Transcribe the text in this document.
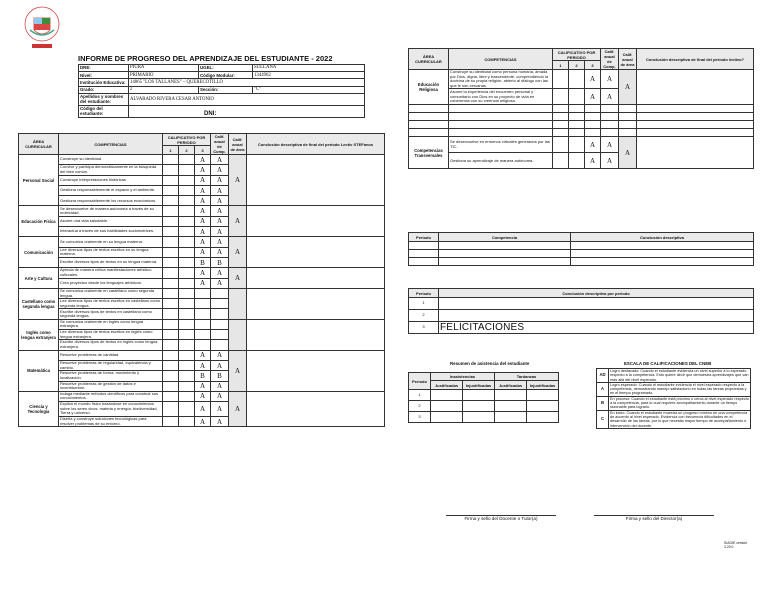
INFORME DE PROGRESO DEL APRENDIZAJE DEL ESTUDIANTE - 2022
DRE:	PIURA	UGEL:	SULLANA
Nivel:	PRIMARIO	Código Modular:	1344962
Institución Educativa:	14865 "LOS TALLANES" – QUERECOTILLO		
Grado:	2	Sección:	"C"
Apellidos y nombres del estudiante:	ALVARADO RIVERA CESAR ANTONIO		
Código del estudiante:				DNI:
ÁREA CURRICULAR	COMPETENCIAS	CALIFICATIVO POR PERIODO			Calif. anual de Comp.	Calif. anual de área	Conclusión descriptiva de final del periodo Lectiv STEFanos
		1	2	3			
Personal Social	Construye su identidad.			A	A	A	
	Convive y participa democráticamente en la búsqueda del bien común.			A	A		
	Construye interpretaciones históricas.			A	A		
	Gestiona responsablemente el espacio y el ambiente.			A	A		
	Gestiona responsablemente los recursos económicos.			A	A		
Educación Física	Se desenvuelve de manera autónoma a través de su motricidad.			A	A	A	
	Asume una vida saludable.			A	A		
	Interactúa a través de sus habilidades sociomotrices.			A	A		
Comunicación	Se comunica oralmente en su lengua materna.			A	A	A	
	Lee diversos tipos de textos escritos en su lengua materna.			A	A		
	Escribe diversos tipos de textos en su lengua materna.			B	B		
Arte y Cultura	Aprecia de manera crítica manifestaciones artístico-culturales.			A	A	A	
	Crea proyectos desde los lenguajes artísticos.			A	A		
Castellano como segunda lengua	Se comunica oralmente en castellano como segunda lengua.						
	Lee diversos tipos de textos escritos en castellano como segunda lengua.						
	Escribe diversos tipos de textos en castellano como segunda lengua.						
Inglés como lengua extranjera	Se comunica oralmente en inglés como lengua extranjera.						
	Lee diversos tipos de textos escritos en inglés como lengua extranjera.						
	Escribe diversos tipos de textos en inglés como lengua extranjera.						
Matemática	Resuelve problemas de cantidad.			A	A	A	
	Resuelve problemas de regularidad, equivalencia y cambio.			A	A		
	Resuelve problemas de forma, movimiento y localización.			B	B		
	Resuelve problemas de gestión de datos e incertidumbre.			A	A		
Ciencia y Tecnología	Indaga mediante métodos científicos para construir sus conocimientos.			A	A	A	
	Explica el mundo físico basándose en conocimientos sobre los seres vivos, materia y energía, biodiversidad, Tierra y universo.			A	A		
	Diseña y construye soluciones tecnológicas para resolver problemas de su entorno.			A	A		
ÁREA CURRICULAR	COMPETENCIAS	CALIFICATIVO POR PERIODO			Calif. anual de Comp.	Calif. anual de área	Conclusión descriptiva de final del período lectivo?
		1	2	3			
Educación Religiosa	Construye su identidad como persona humana, amada por Dios, digna, libre y trascendente, comprendiendo la doctrina de su propia religión, abierto al diálogo con las que le son cercanas.			A	A	A	
	Asume la experiencia del encuentro personal y comunitario con Dios en su proyecto de vida en coherencia con su creencia religiosa.			A	A		

Competencias Transversales	Se desenvuelve en entornos virtuales generados por las TIC.			A	A	A	
	Gestiona su aprendizaje de manera autónoma.			A	A		
Periodo	Competencia	Conclusión descriptiva

Periodo	Conclusión descriptiva por periodo
1	
2	
3	FELICITACIONES
Resumen de asistencia del estudiante
Periodo	Inasistencias		Tardanzas	
	Justificadas	Injustificadas	Justificadas	Injustificadas
1				
2				
3				
ESCALA DE CALIFICACIONES DEL CNEB
AD	Logro destacado: Cuando el estudiante evidencia un nivel superior a lo esperado respecto a la competencia. Esto quiere decir que demuestra aprendizajes que van más allá del nivel esperado.
A	Logro esperado: Cuando el estudiante evidencia el nivel esperado respecto a la competencia, demostrando manejo satisfactorio en todas las tareas propuestas y en el tiempo programado.
B	En proceso: Cuando el estudiante está próximo o cerca al nivel esperado respecto a la competencia, para lo cual requiere acompañamiento durante un tiempo razonable para lograrlo.
C	En inicio: Cuando el estudiante muestra un progreso mínimo en una competencia de acuerdo al nivel esperado. Evidencia con frecuencia dificultades en el desarrollo de las tareas, por lo que necesita mayor tiempo de acompañamiento e intervención del docente.
Firma y sello del Docente o Tutor(a)	Firma y sello del Director(a)
SIAGIE versión 3.20.0
